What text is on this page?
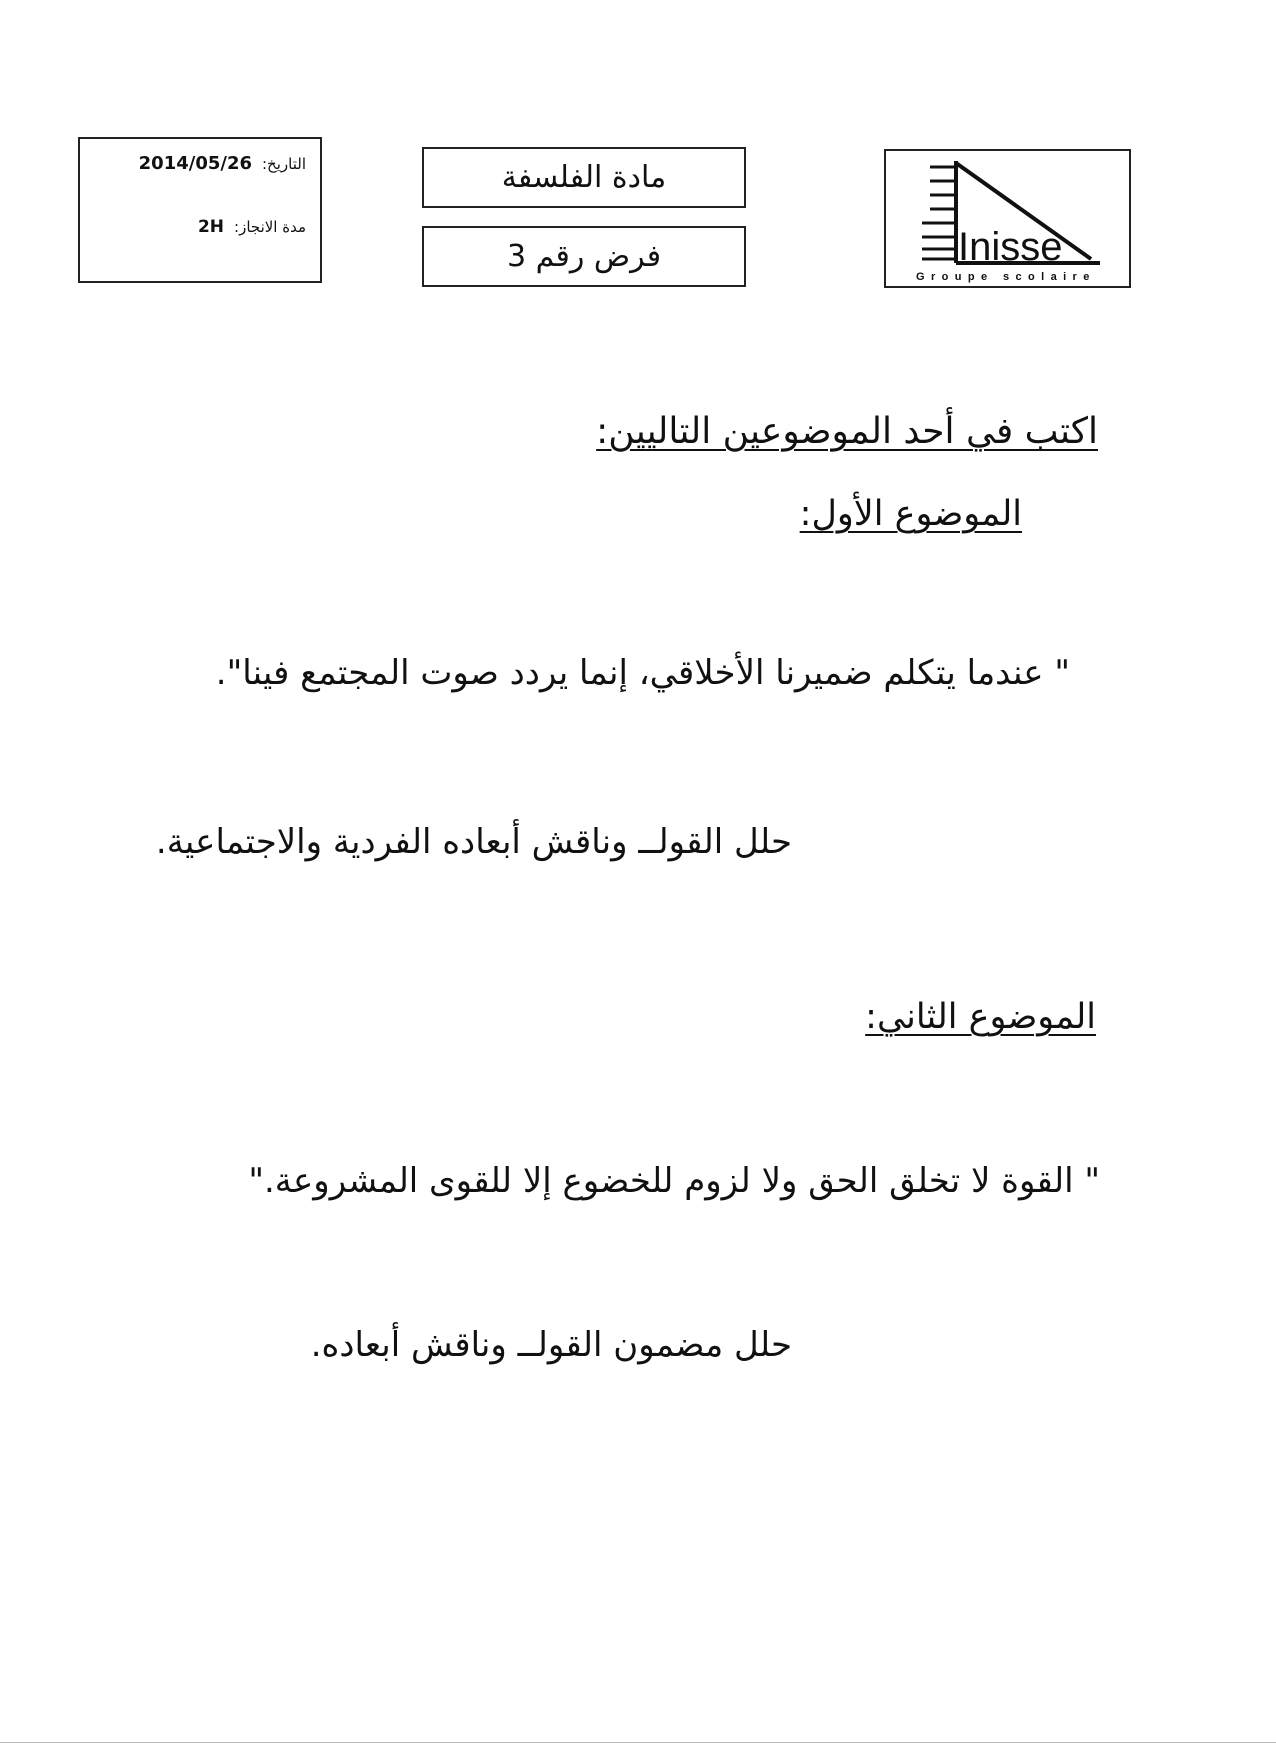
التاريخ:
2014/05/26
مدة الانجاز:
2H
مادة الفلسفة
فرض رقم 3	Inisse
Groupe scolaire
اكتب في أحد الموضوعين التاليين:
الموضوع الأول:
" عندما يتكلم ضميرنا الأخلاقي، إنما يردد صوت المجتمع فينا".
حلل القولــ وناقش أبعاده الفردية والاجتماعية.
الموضوع الثاني:
" القوة لا تخلق الحق ولا لزوم للخضوع إلا للقوى المشروعة."
حلل مضمون القولــ وناقش أبعاده.
